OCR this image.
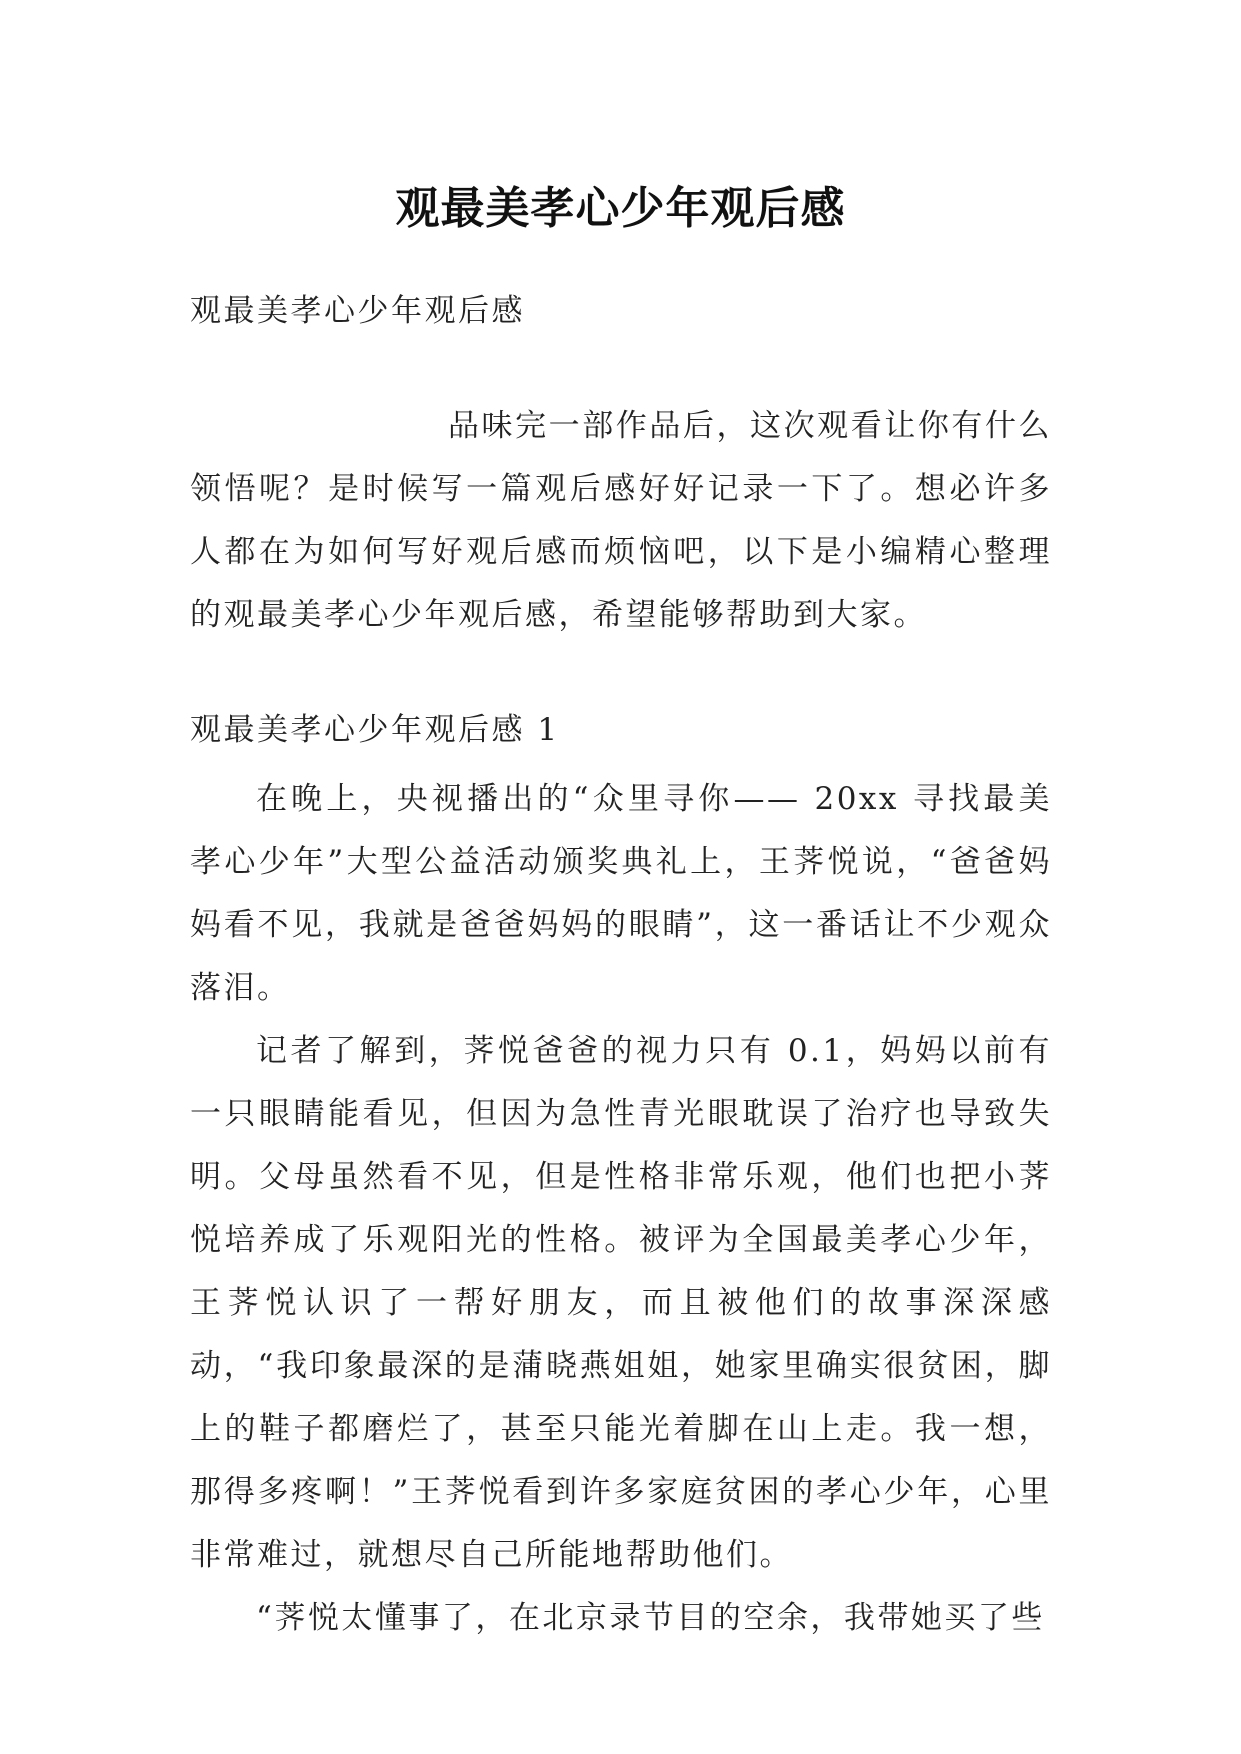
观最美孝心少年观后感

观最美孝心少年观后感

品味完一部作品后，这次观看让你有什么领悟呢？是时候写一篇观后感好好记录一下了。想必许多人都在为如何写好观后感而烦恼吧，以下是小编精心整理的观最美孝心少年观后感，希望能够帮助到大家。

观最美孝心少年观后感 1

在晚上，央视播出的“众里寻你—— 20xx 寻找最美孝心少年”大型公益活动颁奖典礼上，王荠悦说，“爸爸妈妈看不见，我就是爸爸妈妈的眼睛”，这一番话让不少观众落泪。

记者了解到，荠悦爸爸的视力只有 0.1，妈妈以前有一只眼睛能看见，但因为急性青光眼耽误了治疗也导致失明。父母虽然看不见，但是性格非常乐观，他们也把小荠悦培养成了乐观阳光的性格。被评为全国最美孝心少年，王荠悦认识了一帮好朋友，而且被他们的故事深深感动，“我印象最深的是蒲晓燕姐姐，她家里确实很贫困，脚上的鞋子都磨烂了，甚至只能光着脚在山上走。我一想，那得多疼啊！”王荠悦看到许多家庭贫困的孝心少年，心里非常难过，就想尽自己所能地帮助他们。

“荠悦太懂事了，在北京录节目的空余，我带她买了些
